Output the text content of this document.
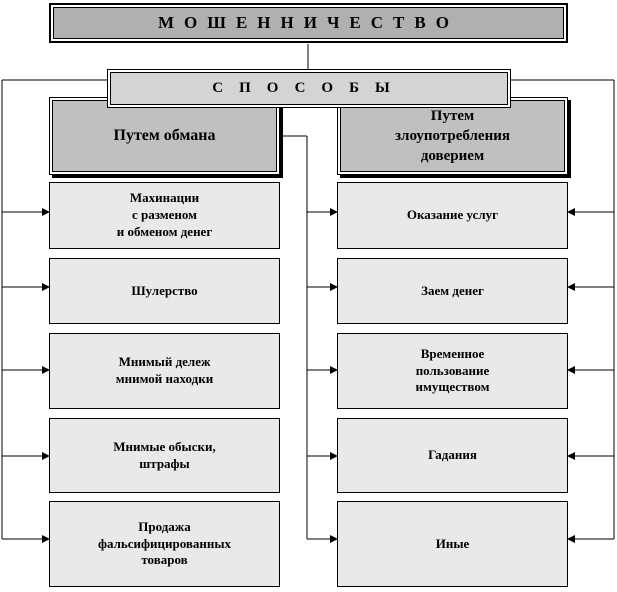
МОШЕННИЧЕСТВО
Путем обмана
Путем
злоупотребления
доверием
СПОСОБЫ
Махинации
с разменом
и обменом денег
Шулерство
Мнимый дележ
мнимой находки
Мнимые обыски,
штрафы
Продажа
фальсифицированных
товаров
Оказание услуг
Заем денег
Временное
пользование
имуществом
Гадания
Иные
